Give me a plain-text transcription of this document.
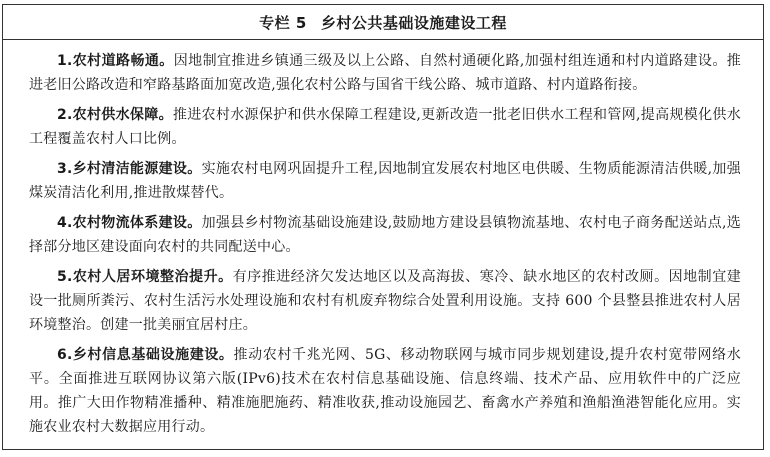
专栏 5 乡村公共基础设施建设工程

1.农村道路畅通。因地制宜推进乡镇通三级及以上公路、自然村通硬化路,加强村组连通和村内道路建设。推进老旧公路改造和窄路基路面加宽改造,强化农村公路与国省干线公路、城市道路、村内道路衔接。

2.农村供水保障。推进农村水源保护和供水保障工程建设,更新改造一批老旧供水工程和管网,提高规模化供水工程覆盖农村人口比例。

3.乡村清洁能源建设。实施农村电网巩固提升工程,因地制宜发展农村地区电供暖、生物质能源清洁供暖,加强煤炭清洁化利用,推进散煤替代。

4.农村物流体系建设。加强县乡村物流基础设施建设,鼓励地方建设县镇物流基地、农村电子商务配送站点,选择部分地区建设面向农村的共同配送中心。

5.农村人居环境整治提升。有序推进经济欠发达地区以及高海拔、寒冷、缺水地区的农村改厕。因地制宜建设一批厕所粪污、农村生活污水处理设施和农村有机废弃物综合处置利用设施。支持 600 个县整县推进农村人居环境整治。创建一批美丽宜居村庄。

6.乡村信息基础设施建设。推动农村千兆光网、5G、移动物联网与城市同步规划建设,提升农村宽带网络水平。全面推进互联网协议第六版(IPv6)技术在农村信息基础设施、信息终端、技术产品、应用软件中的广泛应用。推广大田作物精准播种、精准施肥施药、精准收获,推动设施园艺、畜禽水产养殖和渔船渔港智能化应用。实施农业农村大数据应用行动。
